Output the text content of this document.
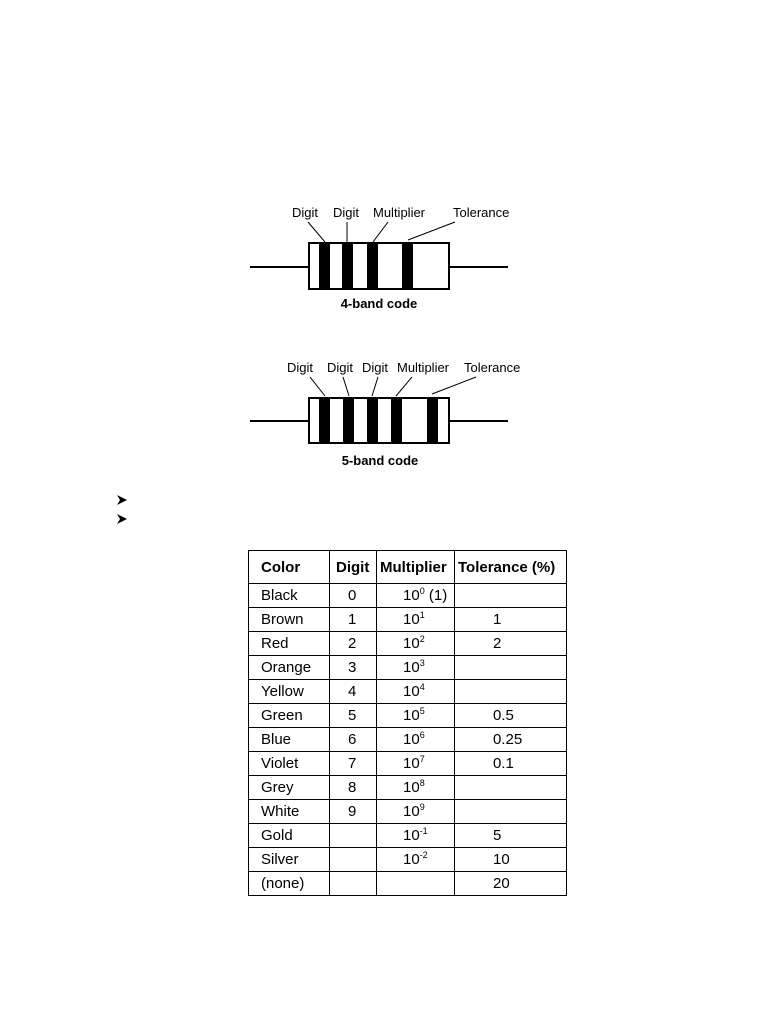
Digit Digit Multiplier Tolerance
4-band code
Digit Digit Digit Multiplier Tolerance
5-band code
Color	Digit	Multiplier	Tolerance (%)
Black	0	$10^0$ (1)	
Brown	1	$10^1$	1
Red	2	$10^2$	2
Orange	3	$10^3$	
Yellow	4	$10^4$	
Green	5	$10^5$	0.5
Blue	6	$10^6$	0.25
Violet	7	$10^7$	0.1
Grey	8	$10^8$	
White	9	$10^9$	
Gold		$10^{-1}$	5
Silver		$10^{-2}$	10
(none)			20
